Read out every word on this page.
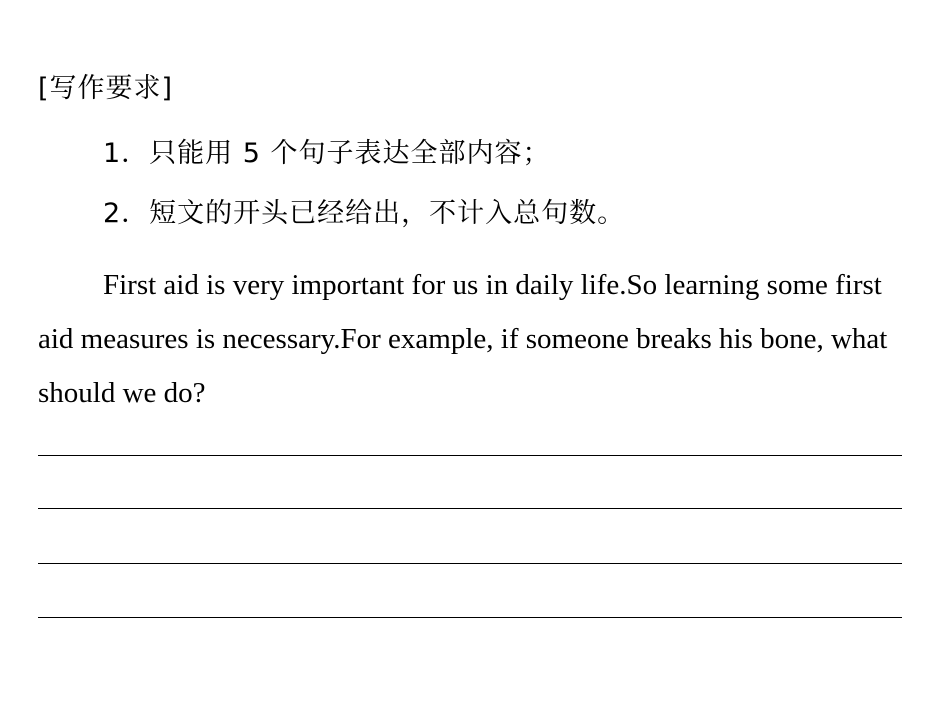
[写作要求]
1．只能用 5 个句子表达全部内容；
2．短文的开头已经给出，不计入总句数。
First aid is very important for us in daily life.So learning some first aid measures is necessary.For example, if someone breaks his bone, what should we do?
